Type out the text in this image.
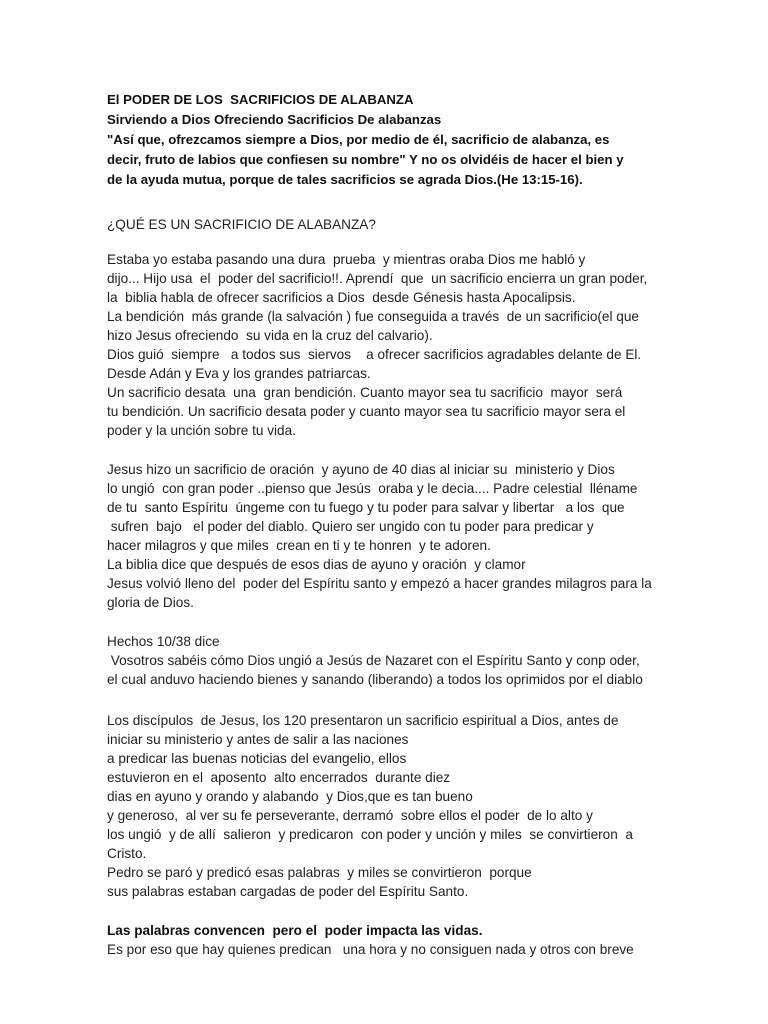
El PODER DE LOS  SACRIFICIOS DE ALABANZA
Sirviendo a Dios Ofreciendo Sacrificios De alabanzas
"Así que, ofrezcamos siempre a Dios, por medio de él, sacrificio de alabanza, es
decir, fruto de labios que confiesen su nombre" Y no os olvidéis de hacer el bien y
de la ayuda mutua, porque de tales sacrificios se agrada Dios.(He 13:15-16).
¿QUÉ ES UN SACRIFICIO DE ALABANZA?
Estaba yo estaba pasando una dura  prueba  y mientras oraba Dios me habló y
dijo... Hijo usa  el  poder del sacrificio!!. Aprendí  que  un sacrificio encierra un gran poder,
la  biblia habla de ofrecer sacrificios a Dios  desde Génesis hasta Apocalipsis.
La bendición  más grande (la salvación ) fue conseguida a través  de un sacrificio(el que
hizo Jesus ofreciendo  su vida en la cruz del calvario).
Dios guió  siempre   a todos sus  siervos    a ofrecer sacrificios agradables delante de El.
Desde Adán y Eva y los grandes patriarcas.
Un sacrificio desata  una  gran bendición. Cuanto mayor sea tu sacrificio  mayor  será
tu bendición. Un sacrificio desata poder y cuanto mayor sea tu sacrificio mayor sera el
poder y la unción sobre tu vida.
Jesus hizo un sacrificio de oración  y ayuno de 40 dias al iniciar su  ministerio y Dios
lo ungió  con gran poder ..pienso que Jesús  oraba y le decia.... Padre celestial  lléname
de tu  santo Espíritu  úngeme con tu fuego y tu poder para salvar y libertar   a los  que
sufren  bajo   el poder del diablo. Quiero ser ungido con tu poder para predicar y
hacer milagros y que miles  crean en ti y te honren  y te adoren.
La biblia dice que después de esos dias de ayuno y oración  y clamor
Jesus volvió lleno del  poder del Espíritu santo y empezó a hacer grandes milagros para la
gloria de Dios.
Hechos 10/38 dice
Vosotros sabéis cómo Dios ungió a Jesús de Nazaret con el Espíritu Santo y conp oder,
el cual anduvo haciendo bienes y sanando (liberando) a todos los oprimidos por el diablo
Los discípulos  de Jesus, los 120 presentaron un sacrificio espiritual a Dios, antes de
iniciar su ministerio y antes de salir a las naciones
a predicar las buenas noticias del evangelio, ellos
estuvieron en el  aposento  alto encerrados  durante diez
dias en ayuno y orando y alabando  y Dios,que es tan bueno
y generoso,  al ver su fe perseverante, derramó  sobre ellos el poder  de lo alto y
los ungió  y de allí  salieron  y predicaron  con poder y unción y miles  se convirtieron  a
Cristo.
Pedro se paró y predicó esas palabras  y miles se convirtieron  porque
sus palabras estaban cargadas de poder del Espíritu Santo.
Las palabras convencen  pero el  poder impacta las vidas.
Es por eso que hay quienes predican   una hora y no consiguen nada y otros con breve
